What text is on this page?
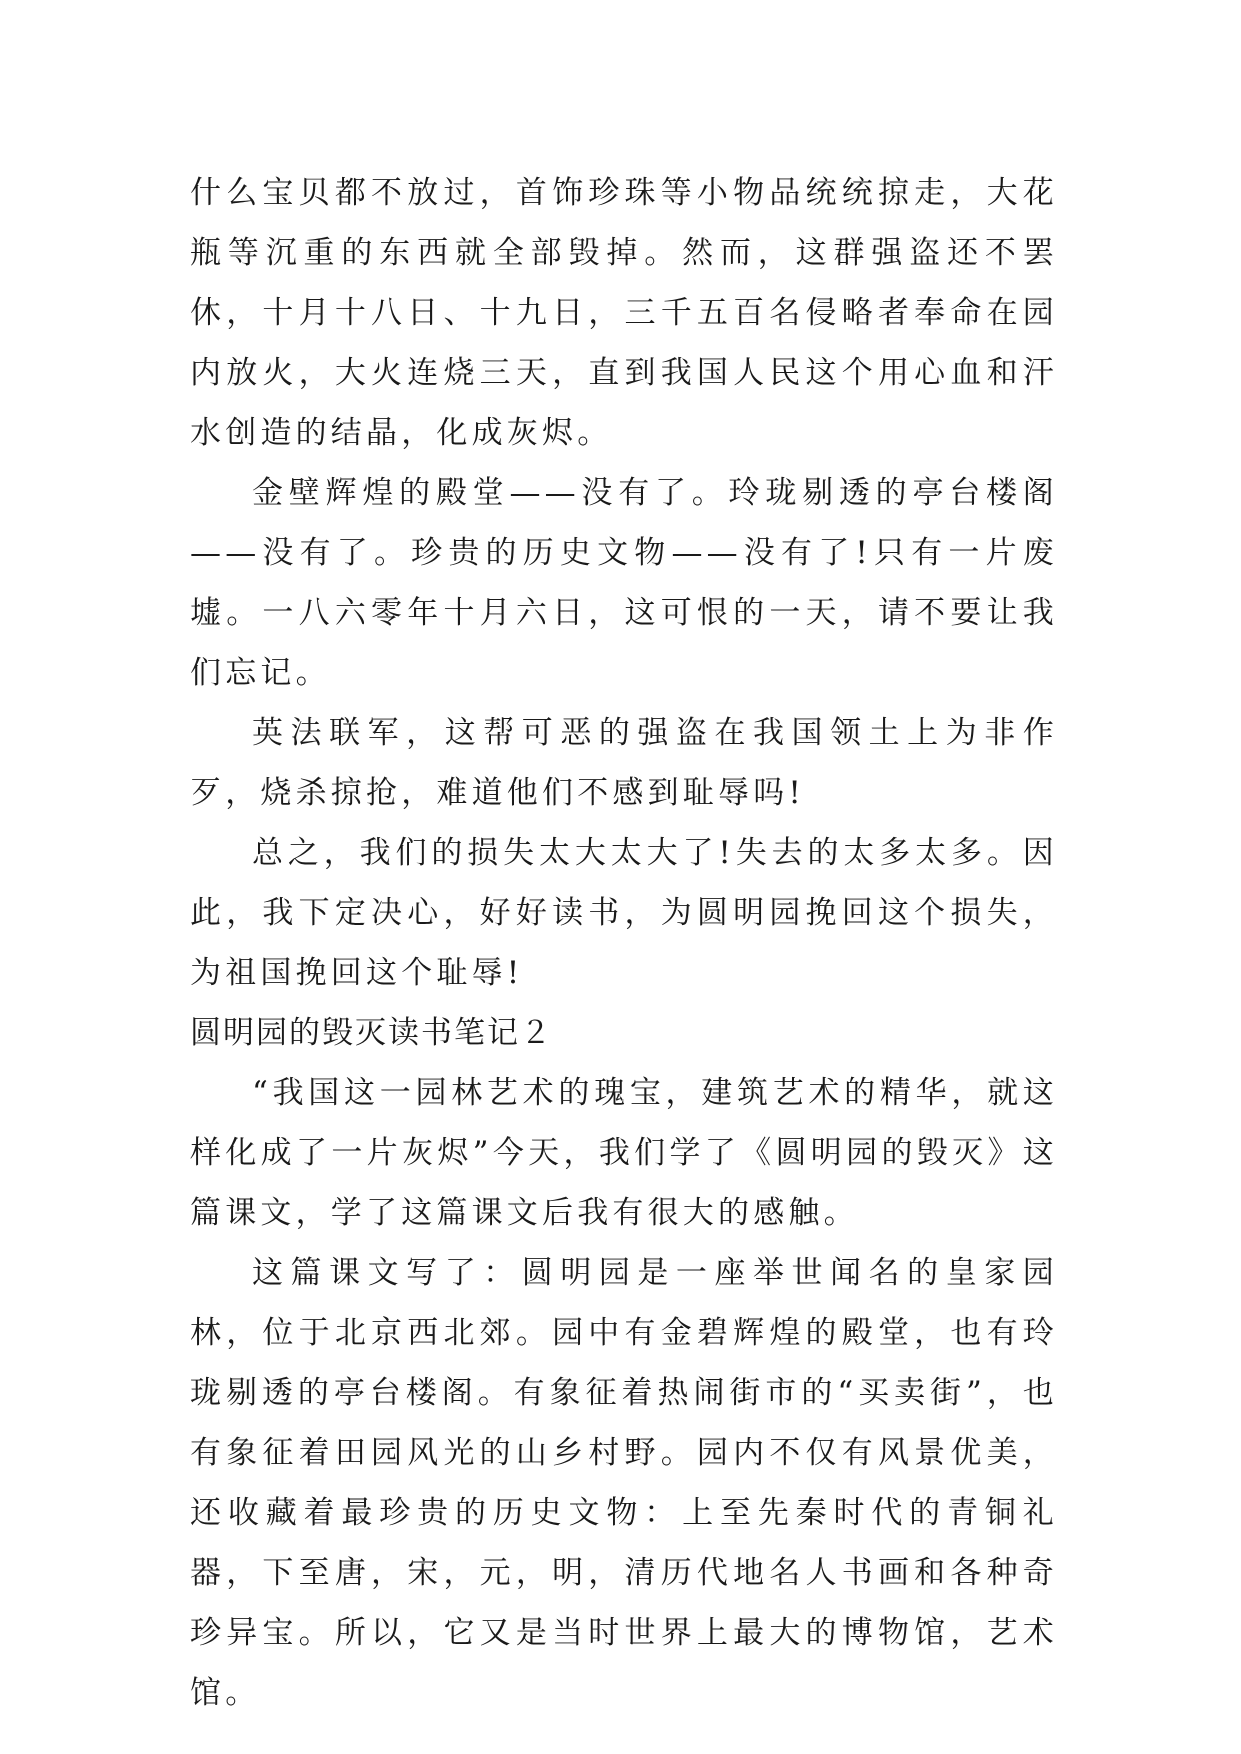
什么宝贝都不放过，首饰珍珠等小物品统统掠走，大花瓶等沉重的东西就全部毁掉。然而，这群强盗还不罢休，十月十八日、十九日，三千五百名侵略者奉命在园内放火，大火连烧三天，直到我国人民这个用心血和汗水创造的结晶，化成灰烬。

金壁辉煌的殿堂——没有了。玲珑剔透的亭台楼阁——没有了。珍贵的历史文物——没有了!只有一片废墟。一八六零年十月六日，这可恨的一天，请不要让我们忘记。

英法联军，这帮可恶的强盗在我国领土上为非作歹，烧杀掠抢，难道他们不感到耻辱吗!

总之，我们的损失太大太大了!失去的太多太多。因此，我下定决心，好好读书，为圆明园挽回这个损失，为祖国挽回这个耻辱!

圆明园的毁灭读书笔记２

“我国这一园林艺术的瑰宝，建筑艺术的精华，就这样化成了一片灰烬”今天，我们学了《圆明园的毁灭》这篇课文，学了这篇课文后我有很大的感触。

这篇课文写了：圆明园是一座举世闻名的皇家园林，位于北京西北郊。园中有金碧辉煌的殿堂，也有玲珑剔透的亭台楼阁。有象征着热闹街市的“买卖街”，也有象征着田园风光的山乡村野。园内不仅有风景优美，还收藏着最珍贵的历史文物：上至先秦时代的青铜礼器，下至唐，宋，元，明，清历代地名人书画和各种奇珍异宝。所以，它又是当时世界上最大的博物馆，艺术馆。
